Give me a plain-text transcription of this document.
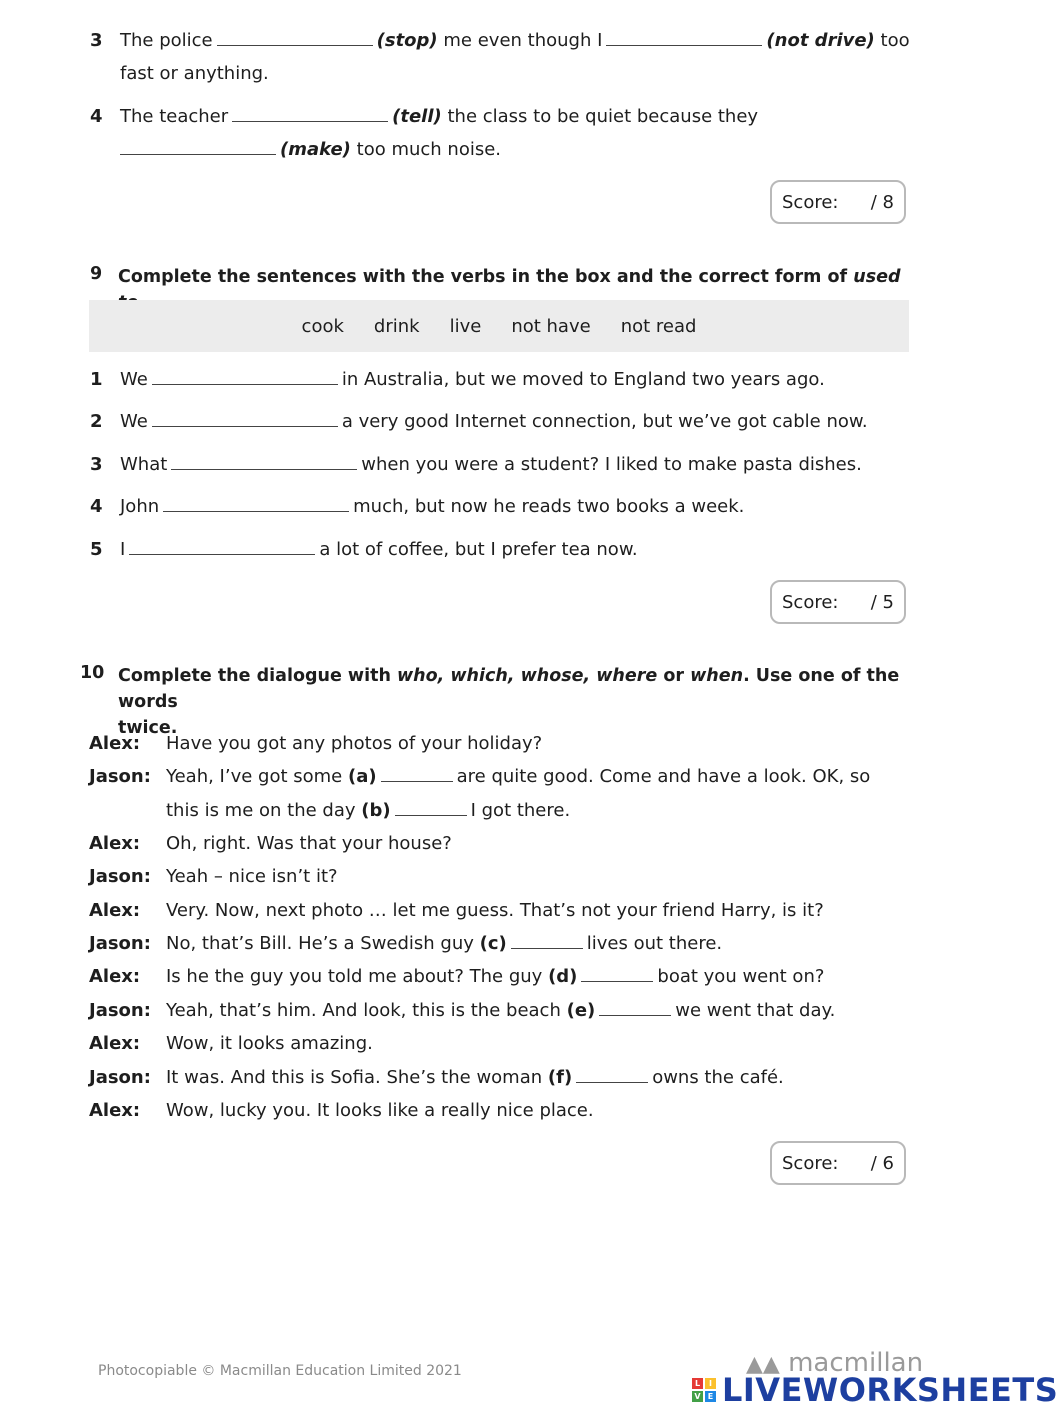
3 The police	(stop) me even though I	(not drive) too
fast or anything.
4 The teacher	(tell) the class to be quiet because they
(make) too much noise.
Score: / 8
9 Complete the sentences with the verbs in the box and the correct form of used
cook drink live not have not read
1 We	in Australia, but we moved to England two years ago.
2 We	a very good Internet connection, but we’ve got cable now.
3 What	when you were a student? I liked to make pasta dishes.
4 John	much, but now he reads two books a week.
5 I	a lot of coffee, but I prefer tea now.
Score: / 5
10 Complete the dialogue with who, which, whose, where or when. Use one of the words
twice.
Alex: Have you got any photos of your holiday?
Jason: Yeah, I’ve got some (a)	are quite good. Come and have a look. OK, so
this is me on the day (b)	I got there.
Alex: Oh, right. Was that your house?
Jason: Yeah – nice isn’t it?
Alex: Very. Now, next photo … let me guess. That’s not your friend Harry, is it?
Jason: No, that’s Bill. He’s a Swedish guy (c)	lives out there.
Alex: Is he the guy you told me about? The guy (d)	boat you went on?
Jason: Yeah, that’s him. And look, this is the beach (e)	we went that day.
Alex: Wow, it looks amazing.
Jason: It was. And this is Sofia. She’s the woman (f)	owns the café.
Alex: Wow, lucky you. It looks like a really nice place.
Score: / 6
Photocopiable © Macmillan Education Limited 2021	▲▲ macmillan
L	I
V E LIVEWORKSHEETS
